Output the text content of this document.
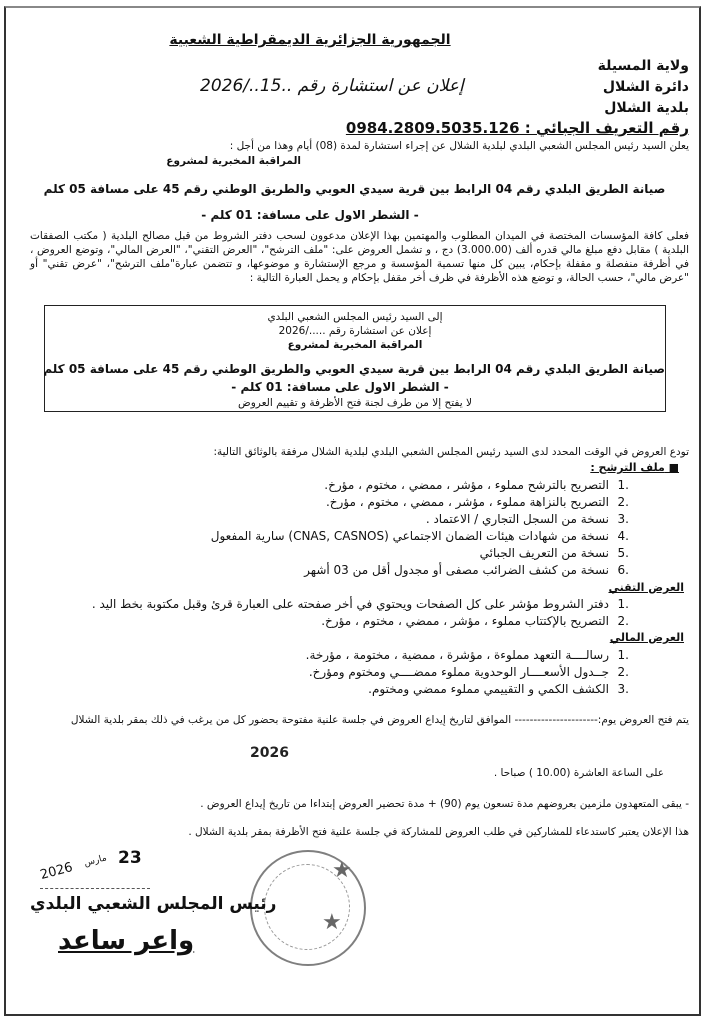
الجمهورية الجزائرية الديمقراطية الشعبية
ولاية المسيلة
دائرة الشلال
بلدية الشلال
إعلان عن استشارة رقم ..15../2026
رقم التعريف الجبائي : 0984.2809.5035.126
يعلن السيد رئيس المجلس الشعبي البلدي لبلدية الشلال عن إجراء استشارة لمدة (08) أيام وهذا من أجل :
المراقبة المخبرية لمشروع
صيانة الطريق البلدي رقم 04 الرابط بين قرية سيدي العوبي والطريق الوطني رقم 45 على مسافة 05 كلم
- الشطر الاول على مسافة: 01 كلم -
فعلى كافة المؤسسات المختصة في الميدان المطلوب والمهتمين بهذا الإعلان مدعوون لسحب دفتر الشروط من قبل مصالح البلدية ( مكتب الصفقات البلدية ) مقابل دفع مبلغ مالي قدره ألف (3.000.00) دج ، و تشمل العروض على: "ملف الترشح"، "العرض التقني"، "العرض المالي"، وتوضع العروض ، في أظرفة منفصلة و مقفلة بإحكام، يبين كل منها تسمية المؤسسة و مرجع الإستشارة و موضوعها، و تتضمن عبارة"ملف الترشح"، "عرض تقني" أو "عرض مالي"، حسب الحالة، و توضع هذه الأظرفة في ظرف أخر مقفل بإحكام و يحمل العبارة التالية :
إلى السيد رئيس المجلس الشعبي البلدي
إعلان عن استشارة رقم ...../2026
المراقبة المخبرية لمشروع
صيانة الطريق البلدي رقم 04 الرابط بين قرية سيدي العوبي والطريق الوطني رقم 45 على مسافة 05 كلم
- الشطر الاول على مسافة: 01 كلم -
لا يفتح إلا من طرف لجنة فتح الأظرفة و تقييم العروض
تودع العروض في الوقت المحدد لدى السيد رئيس المجلس الشعبي البلدي لبلدية الشلال مرفقة بالوثائق التالية:
■ ملف الترشح :
.1التصريح بالترشح مملوء ، مؤشر ، ممضي ، مختوم ، مؤرخ.
.2التصريح بالنزاهة مملوء ، مؤشر ، ممضي ، مختوم ، مؤرخ.
.3نسخة من السجل التجاري / الاعتماد .
.4نسخة من شهادات هيئات الضمان الاجتماعي (CNAS, CASNOS) سارية المفعول
.5نسخة من التعريف الجبائي
.6نسخة من كشف الضرائب مصفى أو مجدول أقل من 03 أشهر
العرض التقني
.1دفتر الشروط مؤشر على كل الصفحات ويحتوي في أخر صفحته على العبارة قرئ وقبل مكتوبة بخط اليد .
.2التصريح بالإكتتاب مملوء ، مؤشر ، ممضي ، مختوم ، مؤرخ.
العرض المالي
.1رسالــــة التعهد مملوءة ، مؤشرة ، ممضية ، مختومة ، مؤرخة.
.2جــدول الأسعــــار الوحدوية مملوء ممضــــي ومختوم ومؤرخ.
.3الكشف الكمي و التقييمي مملوء ممضي ومختوم.
يتم فتح العروض يوم:---------------------- الموافق لتاريخ إيداع العروض في جلسة علنية مفتوحة بحضور كل من يرغب في ذلك بمقر بلدية الشلال
2026
على الساعة العاشرة (10.00 ) صباحا .
- يبقى المتعهدون ملزمين بعروضهم مدة تسعون يوم (90) + مدة تحضير العروض إبتداءا من تاريخ إيداع العروض .
هذا الإعلان يعتبر كاستدعاء للمشاركين في طلب العروض للمشاركة في جلسة علنية فتح الأظرفة بمقر بلدية الشلال .
★
★
23
مارس
2026
رئيس المجلس الشعبي البلدي
واعر ساعد
